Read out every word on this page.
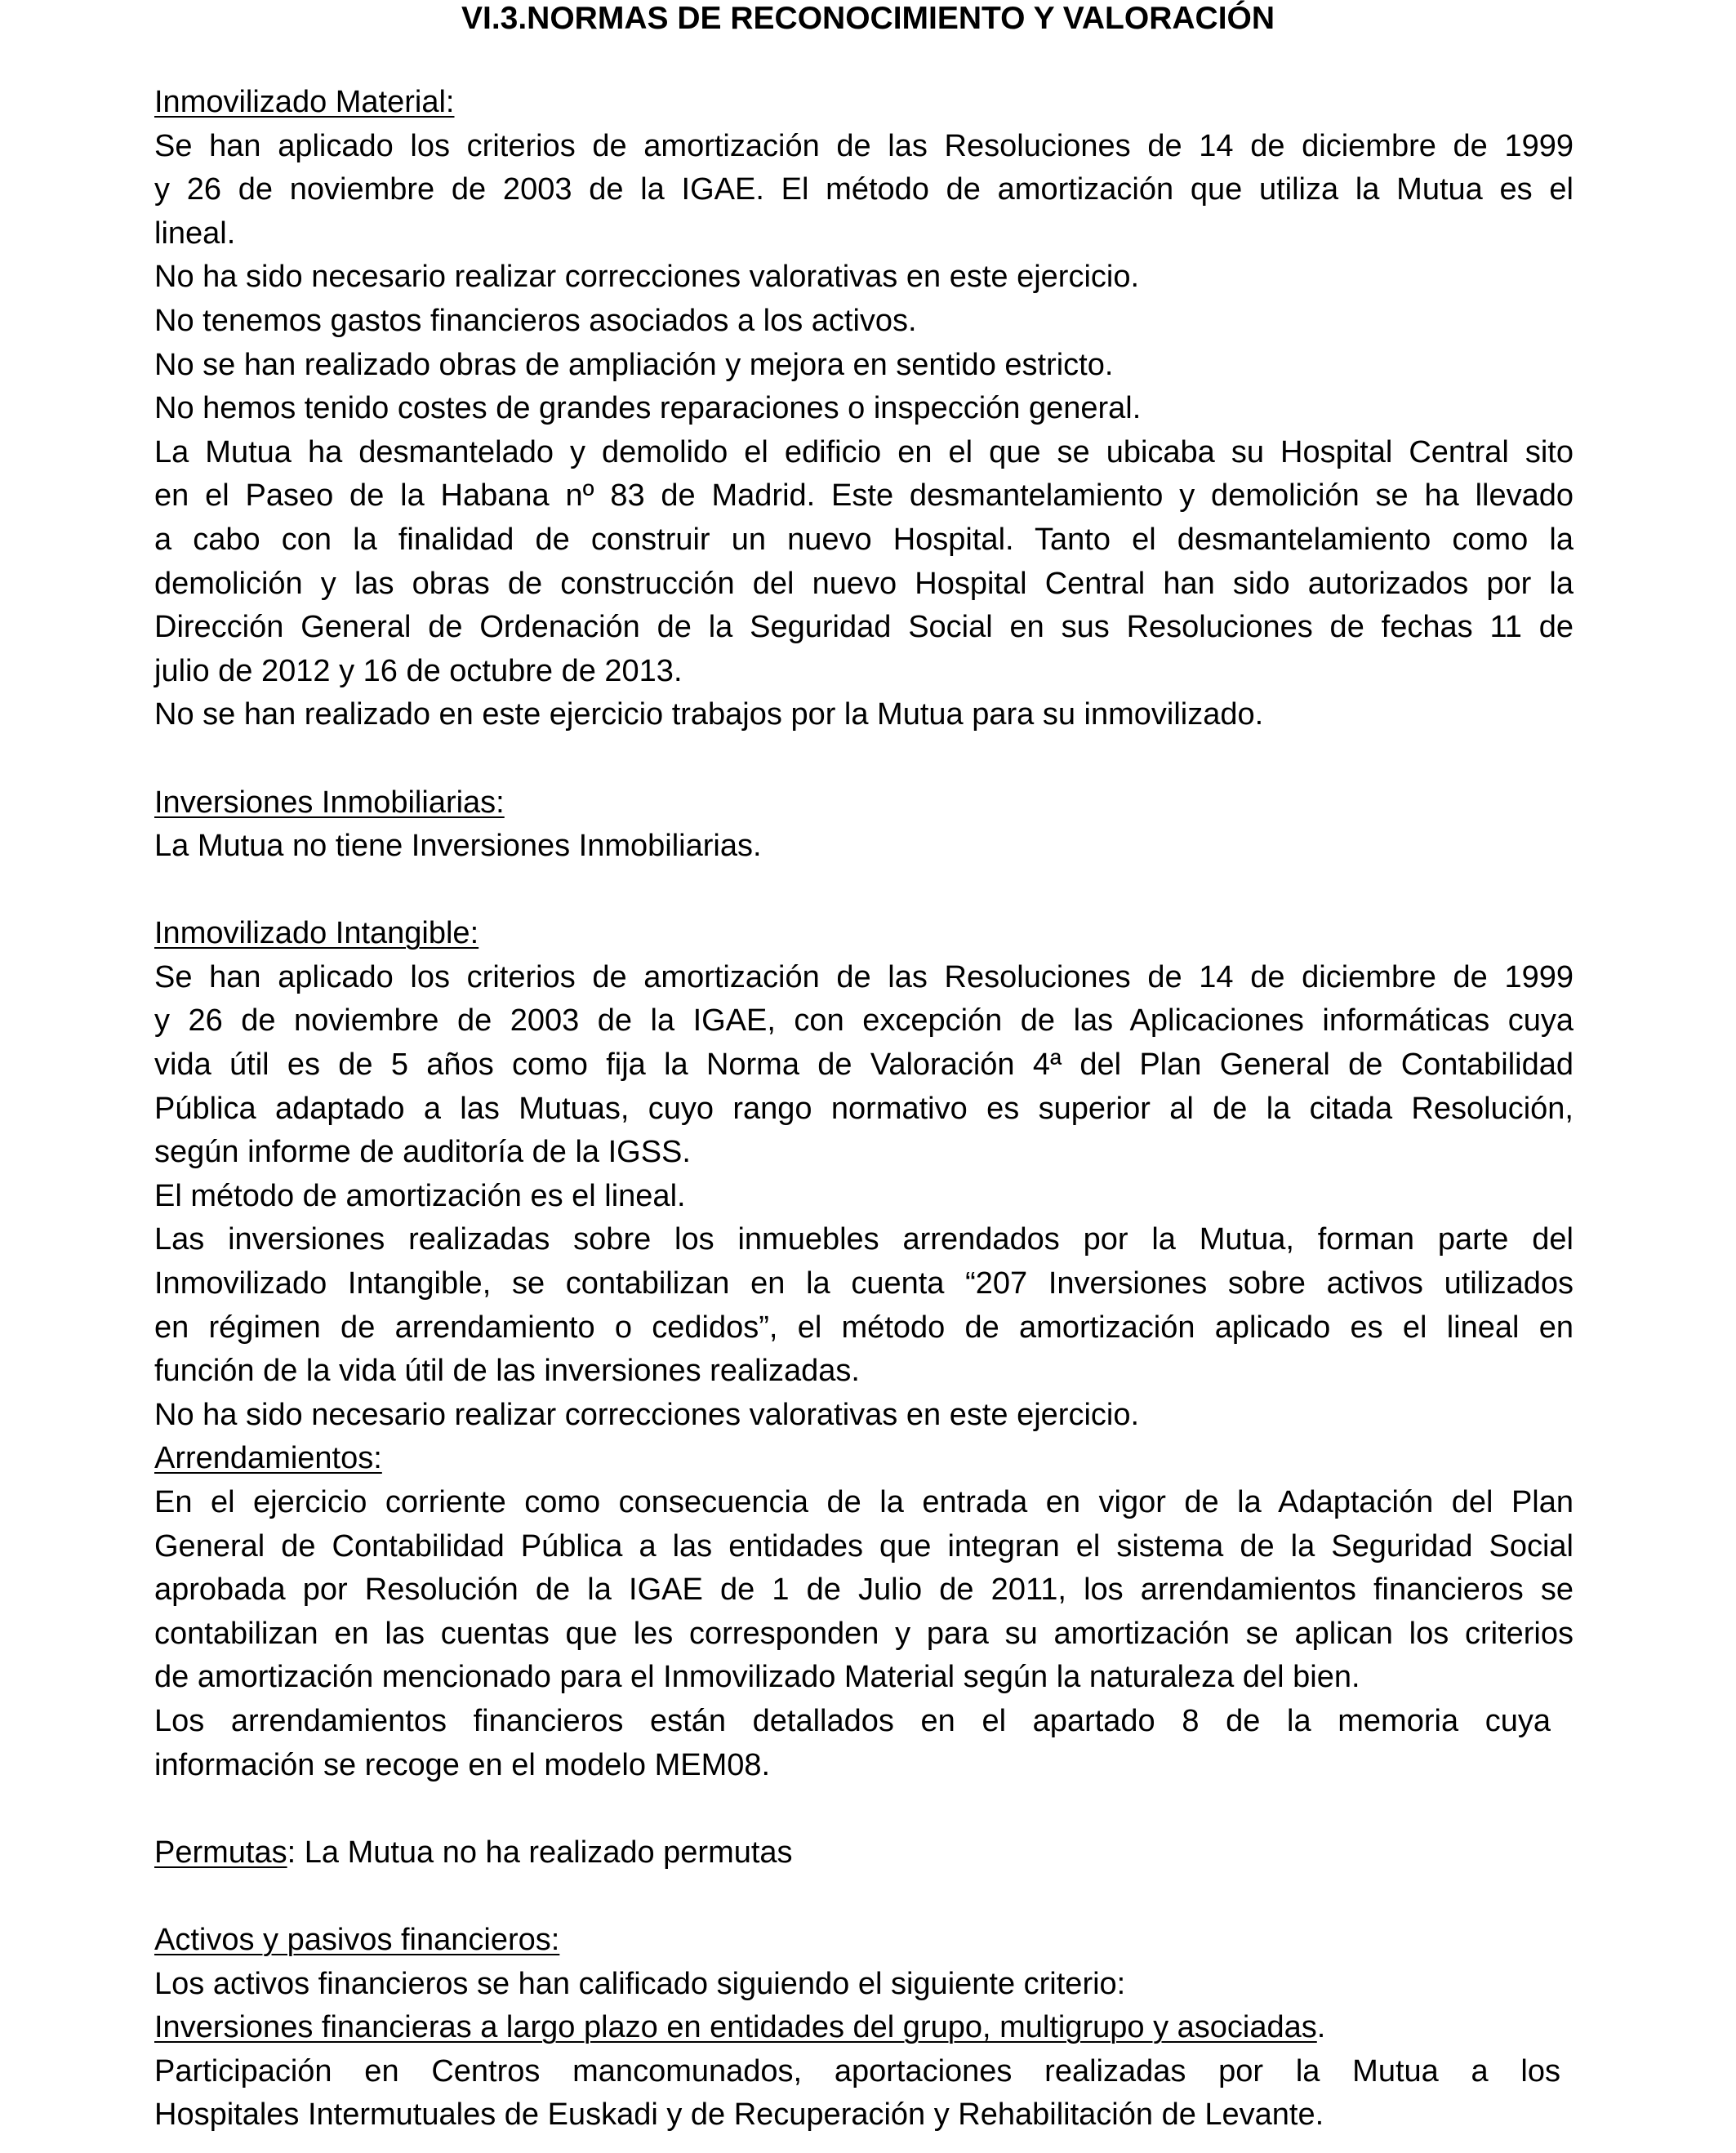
VI.3.NORMAS DE RECONOCIMIENTO Y VALORACIÓN
Inmovilizado Material:
Se han aplicado los criterios de amortización de las Resoluciones de 14 de diciembre de 1999
y 26 de noviembre de 2003 de la IGAE. El método de amortización que utiliza la Mutua es el
lineal.
No ha sido necesario realizar correcciones valorativas en este ejercicio.
No tenemos gastos financieros asociados a los activos.
No se han realizado obras de ampliación y mejora en sentido estricto.
No hemos tenido costes de grandes reparaciones o inspección general.
La Mutua ha desmantelado y demolido el edificio en el que se ubicaba su Hospital Central sito
en el Paseo de la Habana nº 83 de Madrid. Este desmantelamiento y demolición se ha llevado
a cabo con la finalidad de construir un nuevo Hospital. Tanto el desmantelamiento como la
demolición y las obras de construcción del nuevo Hospital Central han sido autorizados por la
Dirección General de Ordenación de la Seguridad Social en sus Resoluciones de fechas 11 de
julio de 2012 y 16 de octubre de 2013.
No se han realizado en este ejercicio trabajos por la Mutua para su inmovilizado.
Inversiones Inmobiliarias:
La Mutua no tiene Inversiones Inmobiliarias.
Inmovilizado Intangible:
Se han aplicado los criterios de amortización de las Resoluciones de 14 de diciembre de 1999
y 26 de noviembre de 2003 de la IGAE, con excepción de las Aplicaciones informáticas cuya
vida útil es de 5 años como fija la Norma de Valoración 4ª del Plan General de Contabilidad
Pública adaptado a las Mutuas, cuyo rango normativo es superior al de la citada Resolución,
según informe de auditoría de la IGSS.
El método de amortización es el lineal.
Las inversiones realizadas sobre los inmuebles arrendados por la Mutua, forman parte del
Inmovilizado Intangible, se contabilizan en la cuenta “207 Inversiones sobre activos utilizados
en régimen de arrendamiento o cedidos”, el método de amortización aplicado es el lineal en
función de la vida útil de las inversiones realizadas.
No ha sido necesario realizar correcciones valorativas en este ejercicio.
Arrendamientos:
En el ejercicio corriente como consecuencia de la entrada en vigor de la Adaptación del Plan
General de Contabilidad Pública a las entidades que integran el sistema de la Seguridad Social
aprobada por Resolución de la IGAE de 1 de Julio de 2011, los arrendamientos financieros se
contabilizan en las cuentas que les corresponden y para su amortización se aplican los criterios
de amortización mencionado para el Inmovilizado Material según la naturaleza del bien.
Los arrendamientos financieros están detallados en el apartado 8 de la memoria cuya
información se recoge en el modelo MEM08.
Permutas: La Mutua no ha realizado permutas
Activos y pasivos financieros:
Los activos financieros se han calificado siguiendo el siguiente criterio:
Inversiones financieras a largo plazo en entidades del grupo, multigrupo y asociadas.
Participación en Centros mancomunados, aportaciones realizadas por la Mutua a los
Hospitales Intermutuales de Euskadi y de Recuperación y Rehabilitación de Levante.
